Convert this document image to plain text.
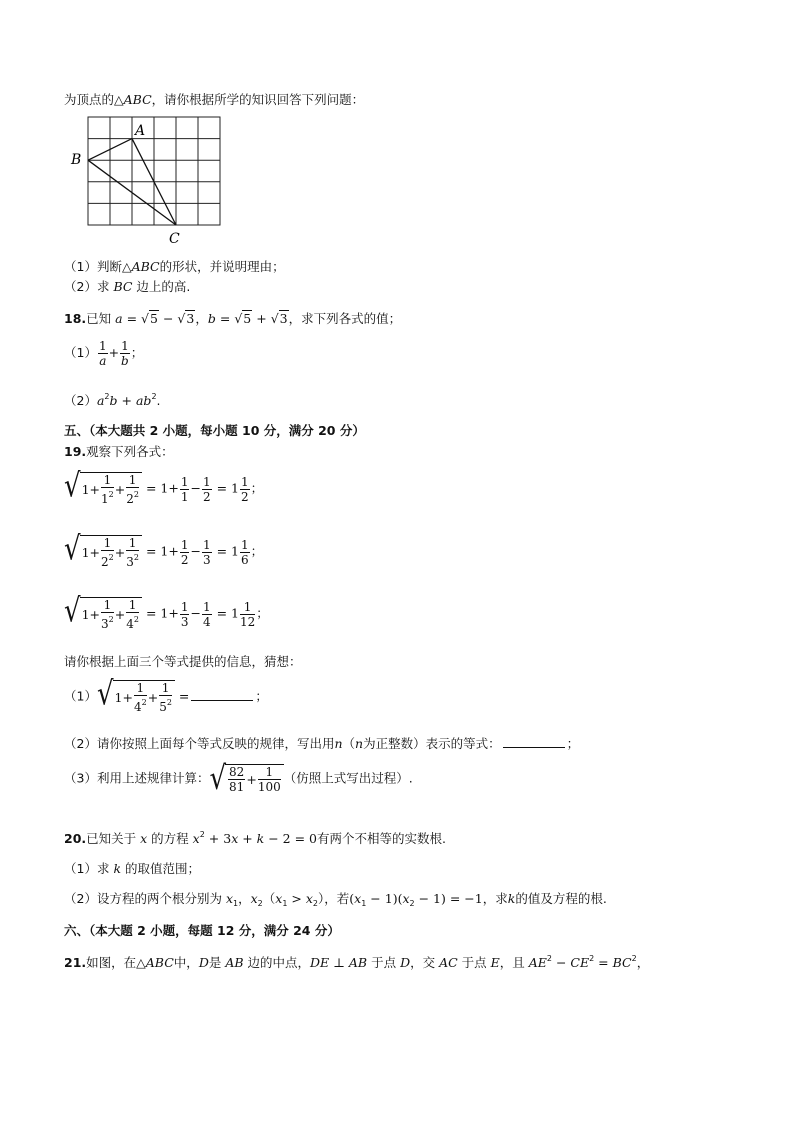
为顶点的△ABC，请你根据所学的知识回答下列问题：
A
B
C
（1）判断△ABC的形状，并说明理由；
（2）求 BC 边上的高.
18.已知 a = √5 − √3，b = √5 + √3，求下列各式的值；
$(1) \frac{1}{a} + \frac{1}{b}$ ；
$(2)a^2b + ab^2$.
五、（本大题共 2 小题，每小题 10 分，满分 20 分）
19.观察下列各式：
√ $1+ \frac{1}{1^2} + \frac{1}{2^2} = 1+ \frac{1}{1} - \frac{1}{2} = 1 \frac{1}{2}$ ；
√ $1+ \frac{1}{2^2} + \frac{1}{3^2} = 1+ \frac{1}{2} - \frac{1}{3} = 1 \frac{1}{6}$ ；
√ $1+ \frac{1}{3^2} + \frac{1}{4^2} = 1+ \frac{1}{3} - \frac{1}{4} = 1 \frac{1}{12}$ ；
请你根据上面三个等式提供的信息，猜想：
（1） √ $1+ \frac{1}{4^2} + \frac{1}{5^2}$ =	；
（2）请你按照上面每个等式反映的规律，写出用n（n为正整数）表示的等式：	；
（3）利用上述规律计算： √ $\frac{82}{81} + \frac{1}{100}$ （仿照上式写出过程）.
20.已知关于 x 的方程 $x^2 + 3x + k - 2 = 0$有两个不相等的实数根.
（1）求 k 的取值范围；
（2）设方程的两个根分别为 $x_1$，$x_2(x_1 > x_2)$，若$(x_1 - 1)(x_2 - 1) = -1$，求k的值及方程的根.
六、（本大题 2 小题，每题 12 分，满分 24 分）
21.如图，在△ABC中，D是 AB 边的中点，DE ⊥ AB 于点 D，交 AC 于点 E，且 $AE^2 - CE^2 = BC^2$，
